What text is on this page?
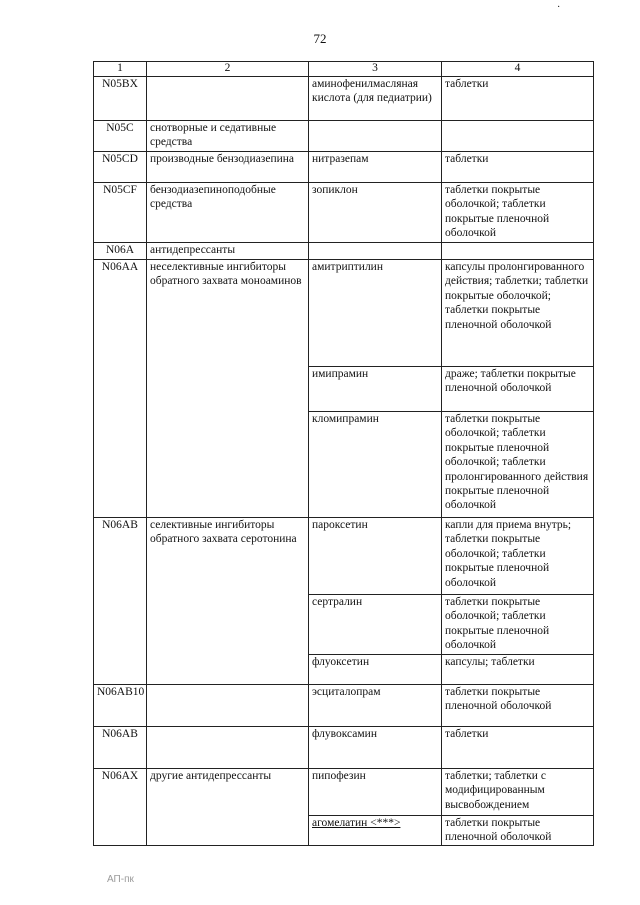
·
72
1	2	3	4
N05BX		аминофенилмасляная кислота (для педиатрии)	таблетки
N05C	снотворные и седативные средства		
N05CD	производные бензодиазепина	нитразепам	таблетки
N05CF	бензодиазепиноподобные средства	зопиклон	таблетки покрытые оболочкой; таблетки покрытые пленочной оболочкой
N06A	антидепрессанты		
N06AA	неселективные ингибиторы обратного захвата моноаминов	амитриптилин	капсулы пролонгированного действия; таблетки; таблетки покрытые оболочкой; таблетки покрытые пленочной оболочкой
		имипрамин	драже; таблетки покрытые пленочной оболочкой
		кломипрамин	таблетки покрытые оболочкой; таблетки покрытые пленочной оболочкой; таблетки пролонгированного действия покрытые пленочной оболочкой
N06AB	селективные ингибиторы обратного захвата серотонина	пароксетин	капли для приема внутрь; таблетки покрытые оболочкой; таблетки покрытые пленочной оболочкой
		сертралин	таблетки покрытые оболочкой; таблетки покрытые пленочной оболочкой
		флуоксетин	капсулы; таблетки
N06AB10		эсциталопрам	таблетки покрытые пленочной оболочкой
N06AB		флувоксамин	таблетки
N06AX	другие антидепрессанты	пипофезин	таблетки; таблетки с модифицированным высвобождением
		агомелатин <***>	таблетки покрытые пленочной оболочкой
АП-пк
